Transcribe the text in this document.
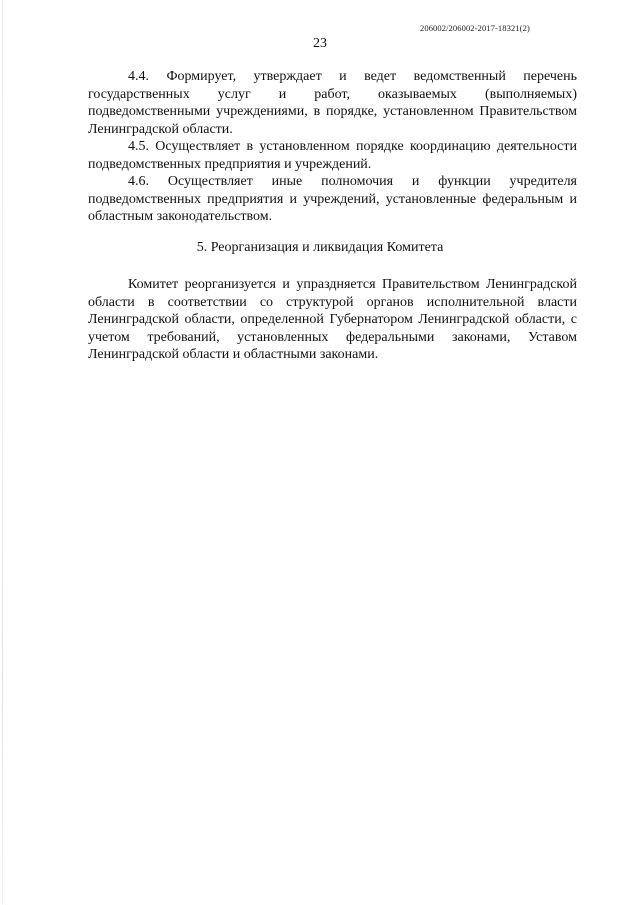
206002/206002-2017-18321(2)
23

4.4. Формирует, утверждает и ведет ведомственный перечень государственных услуг и работ, оказываемых (выполняемых) подведомственными учреждениями, в порядке, установленном Правительством Ленинградской области.

4.5. Осуществляет в установленном порядке координацию деятельности подведомственных предприятия и учреждений.

4.6. Осуществляет иные полномочия и функции учредителя подведомственных предприятия и учреждений, установленные федеральным и областным законодательством.

5. Реорганизация и ликвидация Комитета

Комитет реорганизуется и упраздняется Правительством Ленинградской области в соответствии со структурой органов исполнительной власти Ленинградской области, определенной Губернатором Ленинградской области, с учетом требований, установленных федеральными законами, Уставом Ленинградской области и областными законами.
